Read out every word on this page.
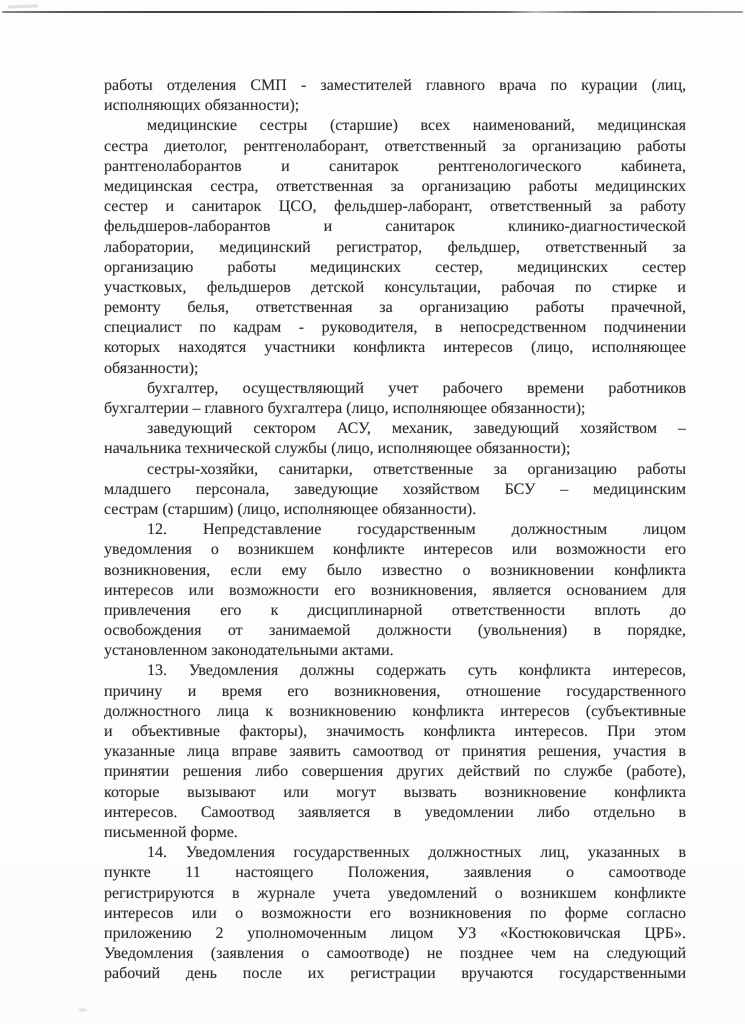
работы отделения СМП - заместителей главного врача по курации (лиц,
исполняющих обязанности);
медицинские сестры (старшие) всех наименований, медицинская
сестра диетолог, рентгенолаборант, ответственный за организацию работы
рантгенолаборантов и санитарок рентгенологического кабинета,
медицинская сестра, ответственная за организацию работы медицинских
сестер и санитарок ЦСО, фельдшер-лаборант, ответственный за работу
фельдшеров-лаборантов и санитарок клинико-диагностической
лаборатории, медицинский регистратор, фельдшер, ответственный за
организацию работы медицинских сестер, медицинских сестер
участковых, фельдшеров детской консультации, рабочая по стирке и
ремонту белья, ответственная за организацию работы прачечной,
специалист по кадрам - руководителя, в непосредственном подчинении
которых находятся участники конфликта интересов (лицо, исполняющее
обязанности);
бухгалтер, осуществляющий учет рабочего времени работников
бухгалтерии – главного бухгалтера (лицо, исполняющее обязанности);
заведующий сектором АСУ, механик, заведующий хозяйством –
начальника технической службы (лицо, исполняющее обязанности);
сестры-хозяйки, санитарки, ответственные за организацию работы
младшего персонала, заведующие хозяйством БСУ – медицинским
сестрам (старшим) (лицо, исполняющее обязанности).
12. Непредставление государственным должностным лицом
уведомления о возникшем конфликте интересов или возможности его
возникновения, если ему было известно о возникновении конфликта
интересов или возможности его возникновения, является основанием для
привлечения его к дисциплинарной ответственности вплоть до
освобождения от занимаемой должности (увольнения) в порядке,
установленном законодательными актами.
13. Уведомления должны содержать суть конфликта интересов,
причину и время его возникновения, отношение государственного
должностного лица к возникновению конфликта интересов (субъективные
и объективные факторы), значимость конфликта интересов. При этом
указанные лица вправе заявить самоотвод от принятия решения, участия в
принятии решения либо совершения других действий по службе (работе),
которые вызывают или могут вызвать возникновение конфликта
интересов. Самоотвод заявляется в уведомлении либо отдельно в
письменной форме.
14. Уведомления государственных должностных лиц, указанных в
пункте 11 настоящего Положения, заявления о самоотводе
регистрируются в журнале учета уведомлений о возникшем конфликте
интересов или о возможности его возникновения по форме согласно
приложению 2 уполномоченным лицом УЗ «Костюковичская ЦРБ».
Уведомления (заявления о самоотводе) не позднее чем на следующий
рабочий день после их регистрации вручаются государственными
